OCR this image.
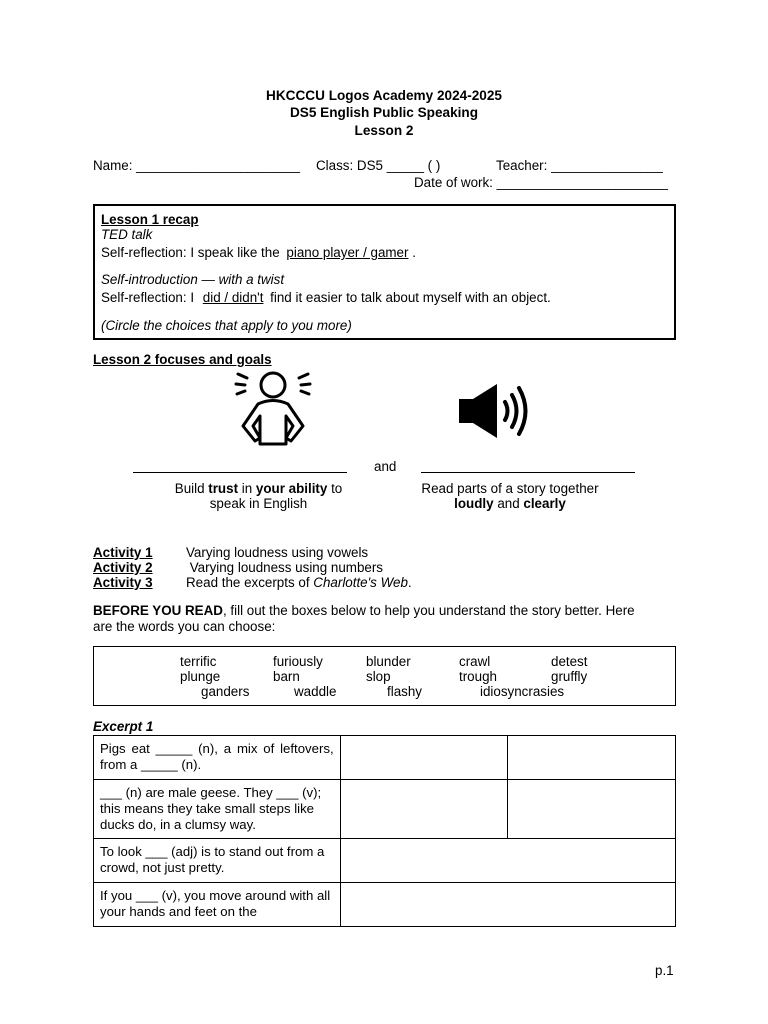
HKCCCU Logos Academy 2024-2025
DS5 English Public Speaking
Lesson 2
Name: ______________________ Class: DS5 _____ ( )	Teacher: _______________
Date of work: _______________________
Lesson 1 recap
TED talk
Self-reflection: I speak like the piano player / gamer .
Self-introduction — with a twist
Self-reflection: I did / didn't find it easier to talk about myself with an object.
(Circle the choices that apply to you more)
Lesson 2 focuses and goals
and
Build trust in your ability to
speak in English
Read parts of a story together
loudly and clearly
Activity 1 Varying loudness using vowels
Activity 2 Varying loudness using numbers
Activity 3 Read the excerpts of Charlotte's Web.
BEFORE YOU READ, fill out the boxes below to help you understand the story better. Here
are the words you can choose:
terrific	furiously	blunder	crawl	detest
plunge	barn	slop	trough	gruffly
ganders	waddle	flashy	idiosyncrasies
Excerpt 1
Pigs eat _____ (n), a mix of leftovers, from a _____ (n).		
___ (n) are male geese. They ___ (v); this means they take small steps like ducks do, in a clumsy way.		
To look ___ (adj) is to stand out from a crowd, not just pretty.		
If you ___ (v), you move around with all your hands and feet on the		
p.1
